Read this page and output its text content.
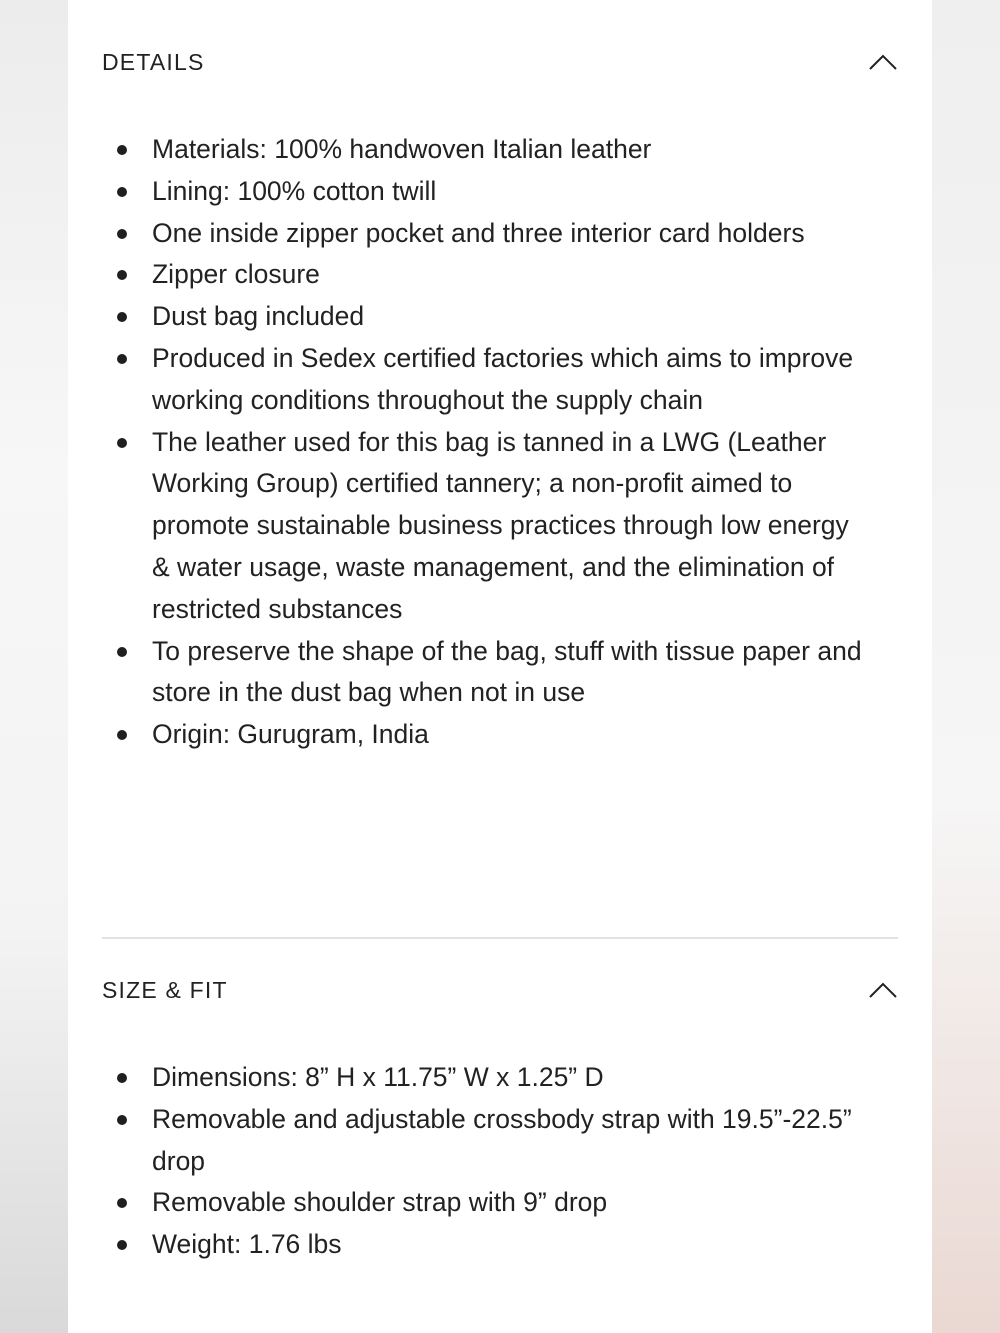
DETAILS
Materials: 100% handwoven Italian leather
Lining: 100% cotton twill
One inside zipper pocket and three interior card holders
Zipper closure
Dust bag included
Produced in Sedex certified factories which aims to improve working conditions throughout the supply chain
The leather used for this bag is tanned in a LWG (Leather Working Group) certified tannery; a non-profit aimed to promote sustainable business practices through low energy & water usage, waste management, and the elimination of restricted substances
To preserve the shape of the bag, stuff with tissue paper and store in the dust bag when not in use
Origin: Gurugram, India
SIZE & FIT
Dimensions: 8” H x 11.75” W x 1.25” D
Removable and adjustable crossbody strap with 19.5”-22.5” drop
Removable shoulder strap with 9” drop
Weight: 1.76 lbs
